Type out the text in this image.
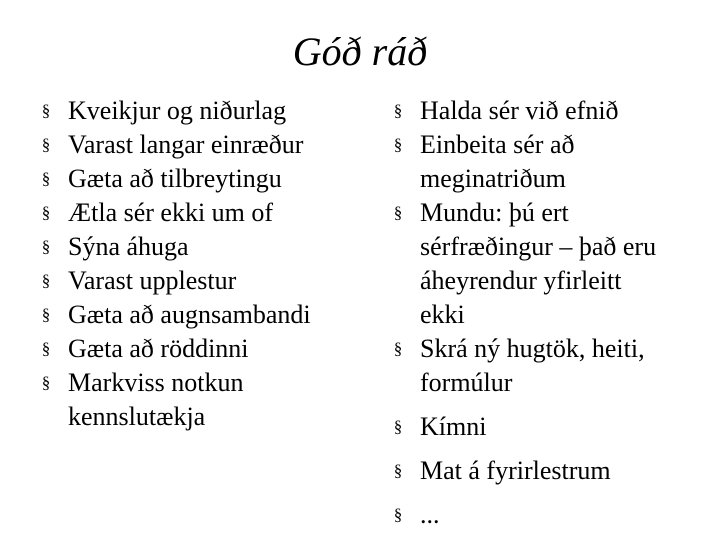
Góð ráð
§ Kveikjur og niðurlag
§ Varast langar einræður
§ Gæta að tilbreytingu
§ Ætla sér ekki um of
§ Sýna áhuga
§ Varast upplestur
§ Gæta að augnsambandi
§ Gæta að röddinni
§ Markviss notkun kennslutækja
§ Halda sér við efnið
§ Einbeita sér að meginatriðum
§ Mundu: þú ert sérfræðingur – það eru áheyrendur yfirleitt ekki
§ Skrá ný hugtök, heiti, formúlur
§ Kímni
§ Mat á fyrirlestrum
§ ...
